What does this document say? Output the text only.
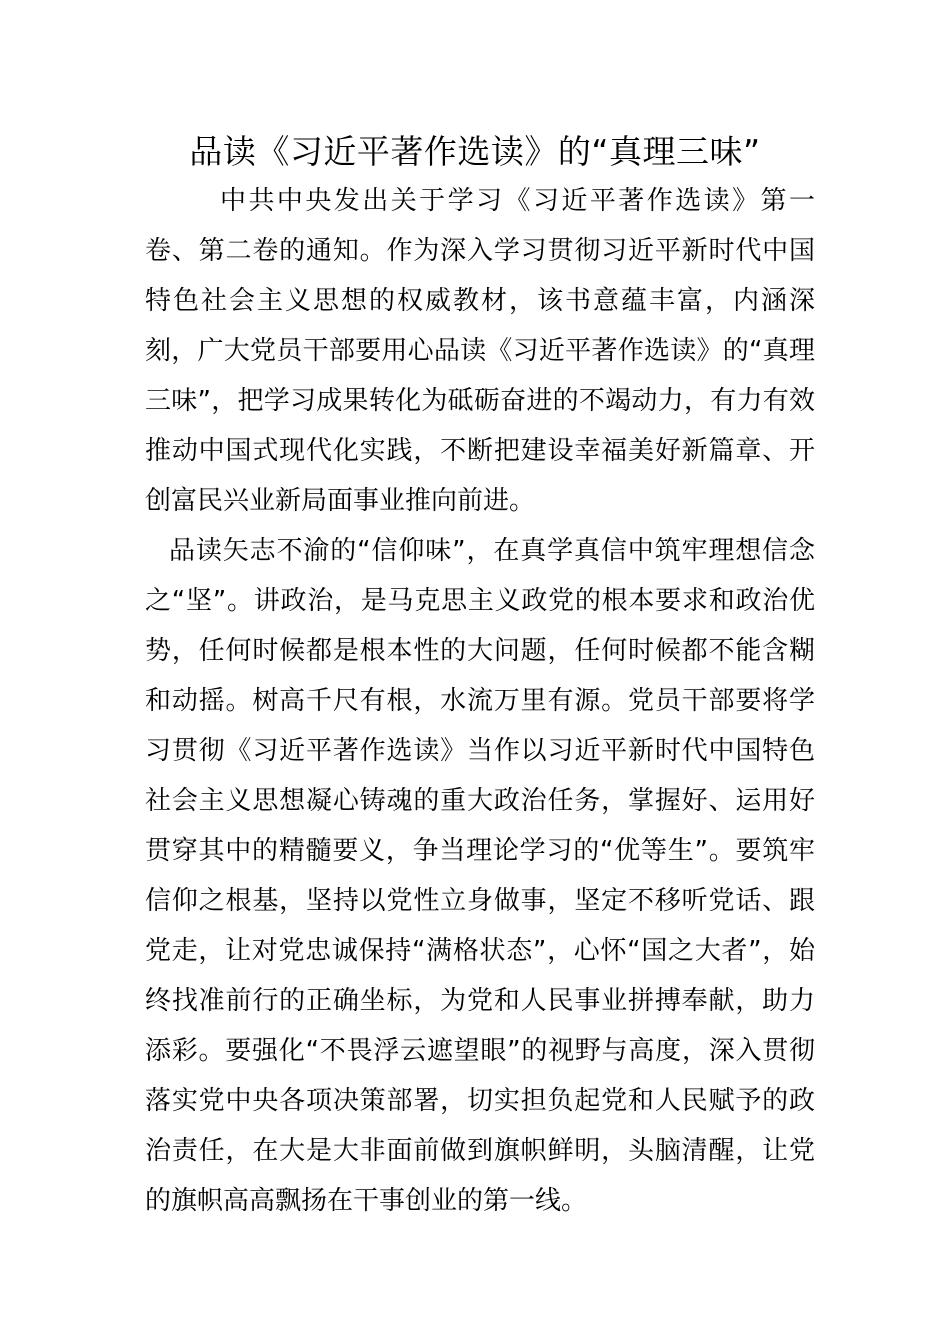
品读《习近平著作选读》的“真理三味”

中共中央发出关于学习《习近平著作选读》第一卷、第二卷的通知。作为深入学习贯彻习近平新时代中国特色社会主义思想的权威教材，该书意蕴丰富，内涵深刻，广大党员干部要用心品读《习近平著作选读》的“真理三味”，把学习成果转化为砥砺奋进的不竭动力，有力有效推动中国式现代化实践，不断把建设幸福美好新篇章、开创富民兴业新局面事业推向前进。

品读矢志不渝的“信仰味”，在真学真信中筑牢理想信念之“坚”。讲政治，是马克思主义政党的根本要求和政治优势，任何时候都是根本性的大问题，任何时候都不能含糊和动摇。树高千尺有根，水流万里有源。党员干部要将学习贯彻《习近平著作选读》当作以习近平新时代中国特色社会主义思想凝心铸魂的重大政治任务，掌握好、运用好贯穿其中的精髓要义，争当理论学习的“优等生”。要筑牢信仰之根基，坚持以党性立身做事，坚定不移听党话、跟党走，让对党忠诚保持“满格状态”，心怀“国之大者”，始终找准前行的正确坐标，为党和人民事业拼搏奉献，助力添彩。要强化“不畏浮云遮望眼”的视野与高度，深入贯彻落实党中央各项决策部署，切实担负起党和人民赋予的政治责任，在大是大非面前做到旗帜鲜明，头脑清醒，让党的旗帜高高飘扬在干事创业的第一线。
